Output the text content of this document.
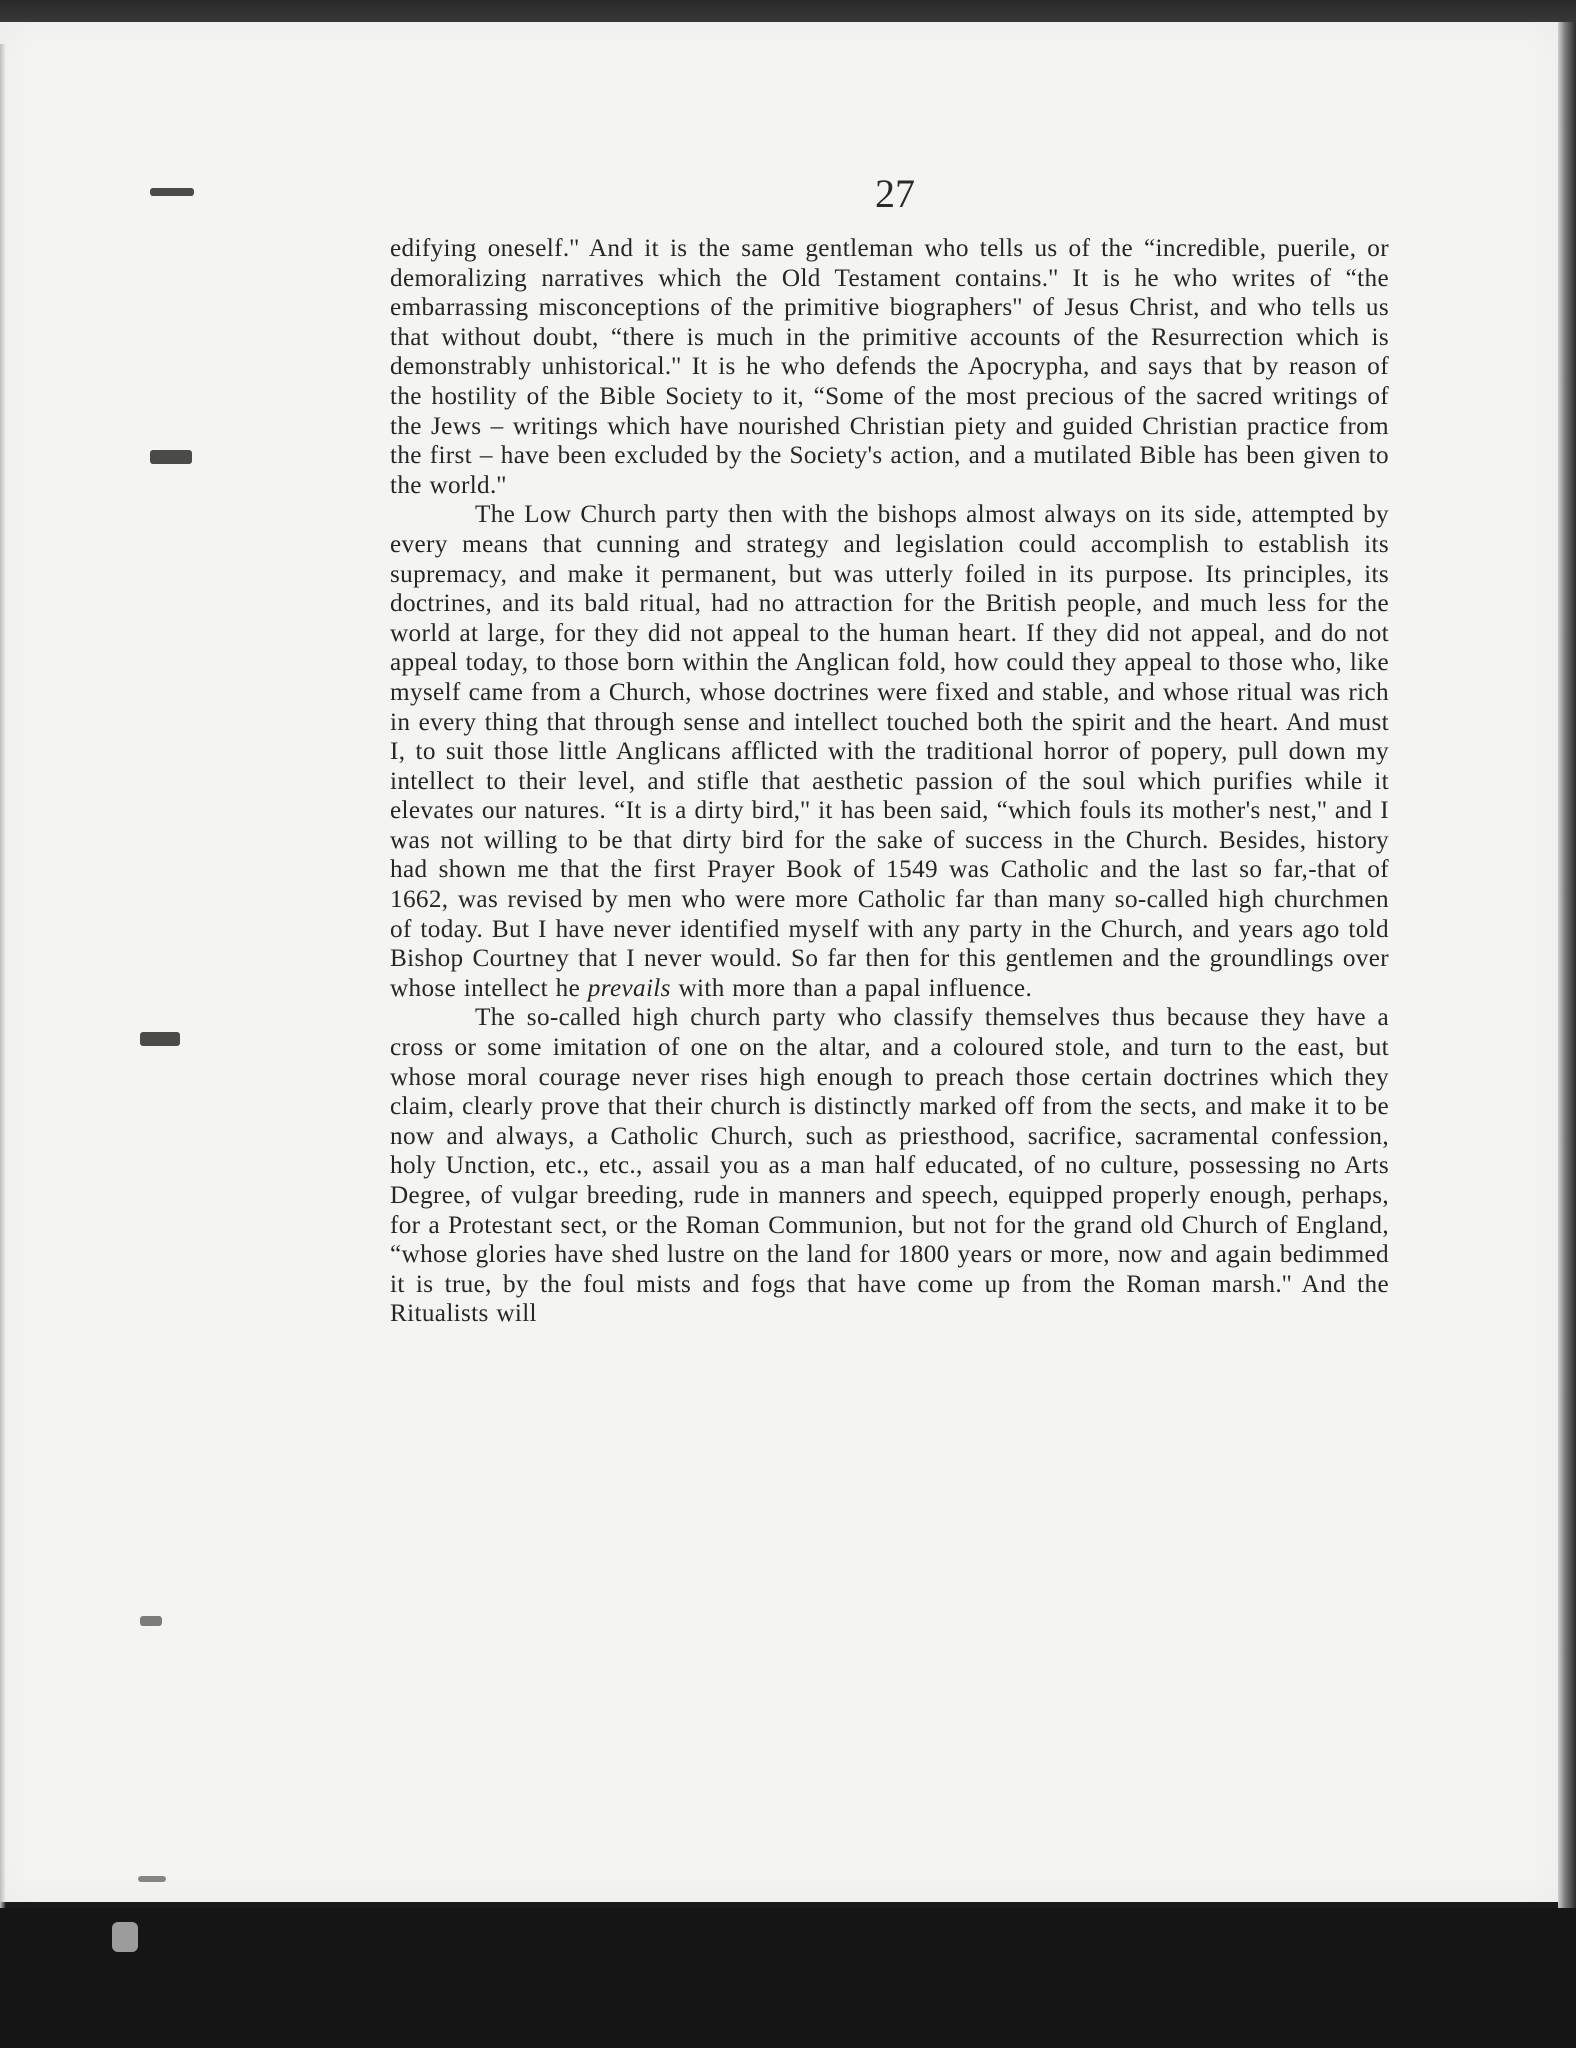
27

edifying oneself.'' And it is the same gentleman who tells us of the “incredible, puerile, or demoralizing narratives which the Old Testament contains.'' It is he who writes of “the embarrassing misconceptions of the primitive biographers'' of Jesus Christ, and who tells us that without doubt, “there is much in the primitive accounts of the Resurrection which is demonstrably unhistorical.'' It is he who defends the Apocrypha, and says that by reason of the hostility of the Bible Society to it, “Some of the most precious of the sacred writings of the Jews – writings which have nourished Christian piety and guided Christian practice from the first – have been excluded by the Society's action, and a mutilated Bible has been given to the world.''

The Low Church party then with the bishops almost always on its side, attempted by every means that cunning and strategy and legislation could accomplish to establish its supremacy, and make it permanent, but was utterly foiled in its purpose. Its principles, its doctrines, and its bald ritual, had no attraction for the British people, and much less for the world at large, for they did not appeal to the human heart. If they did not appeal, and do not appeal today, to those born within the Anglican fold, how could they appeal to those who, like myself came from a Church, whose doctrines were fixed and stable, and whose ritual was rich in every thing that through sense and intellect touched both the spirit and the heart. And must I, to suit those little Anglicans afflicted with the traditional horror of popery, pull down my intellect to their level, and stifle that aesthetic passion of the soul which purifies while it elevates our natures. “It is a dirty bird,'' it has been said, “which fouls its mother's nest,'' and I was not willing to be that dirty bird for the sake of success in the Church. Besides, history had shown me that the first Prayer Book of 1549 was Catholic and the last so far,-that of 1662, was revised by men who were more Catholic far than many so-called high churchmen of today. But I have never identified myself with any party in the Church, and years ago told Bishop Courtney that I never would. So far then for this gentlemen and the groundlings over whose intellect he prevails with more than a papal influence.

The so-called high church party who classify themselves thus because they have a cross or some imitation of one on the altar, and a coloured stole, and turn to the east, but whose moral courage never rises high enough to preach those certain doctrines which they claim, clearly prove that their church is distinctly marked off from the sects, and make it to be now and always, a Catholic Church, such as priesthood, sacrifice, sacramental confession, holy Unction, etc., etc., assail you as a man half educated, of no culture, possessing no Arts Degree, of vulgar breeding, rude in manners and speech, equipped properly enough, perhaps, for a Protestant sect, or the Roman Communion, but not for the grand old Church of England, “whose glories have shed lustre on the land for 1800 years or more, now and again bedimmed it is true, by the foul mists and fogs that have come up from the Roman marsh.'' And the Ritualists will
